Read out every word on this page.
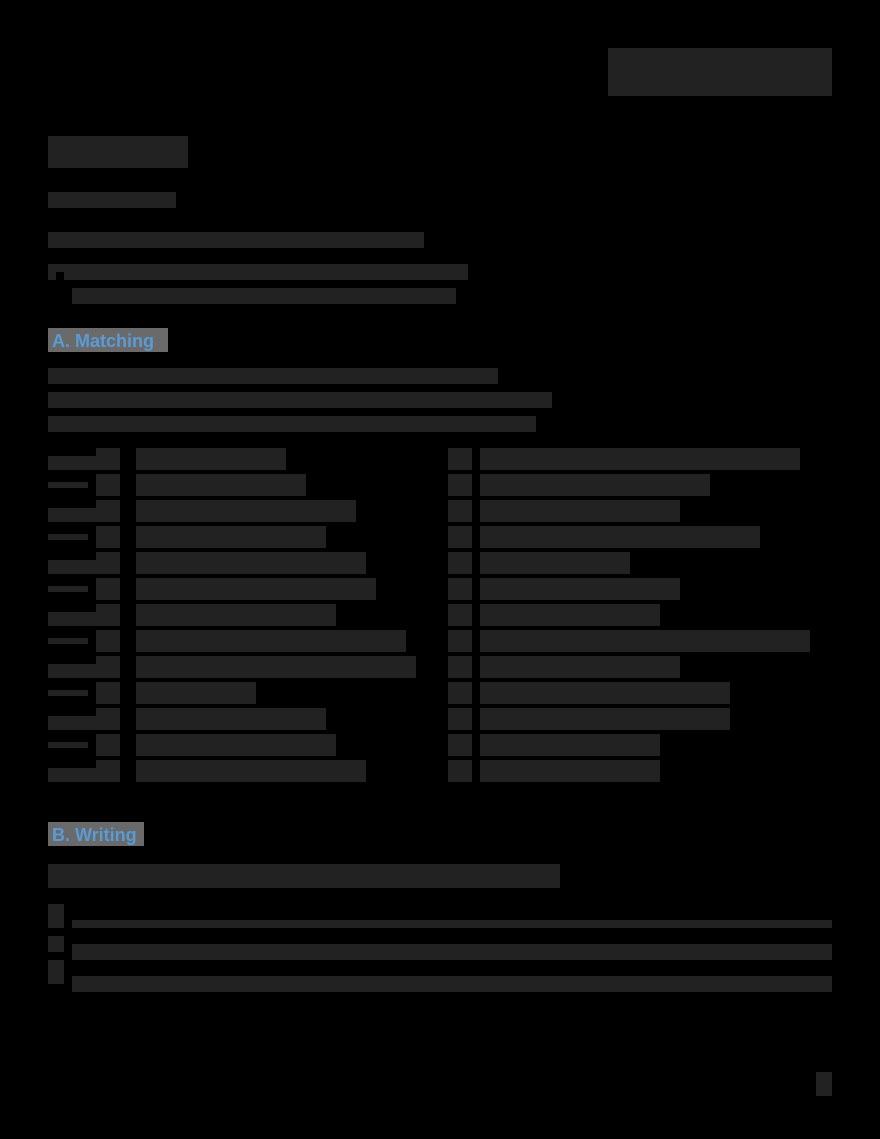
A. Matching
B. Writing
